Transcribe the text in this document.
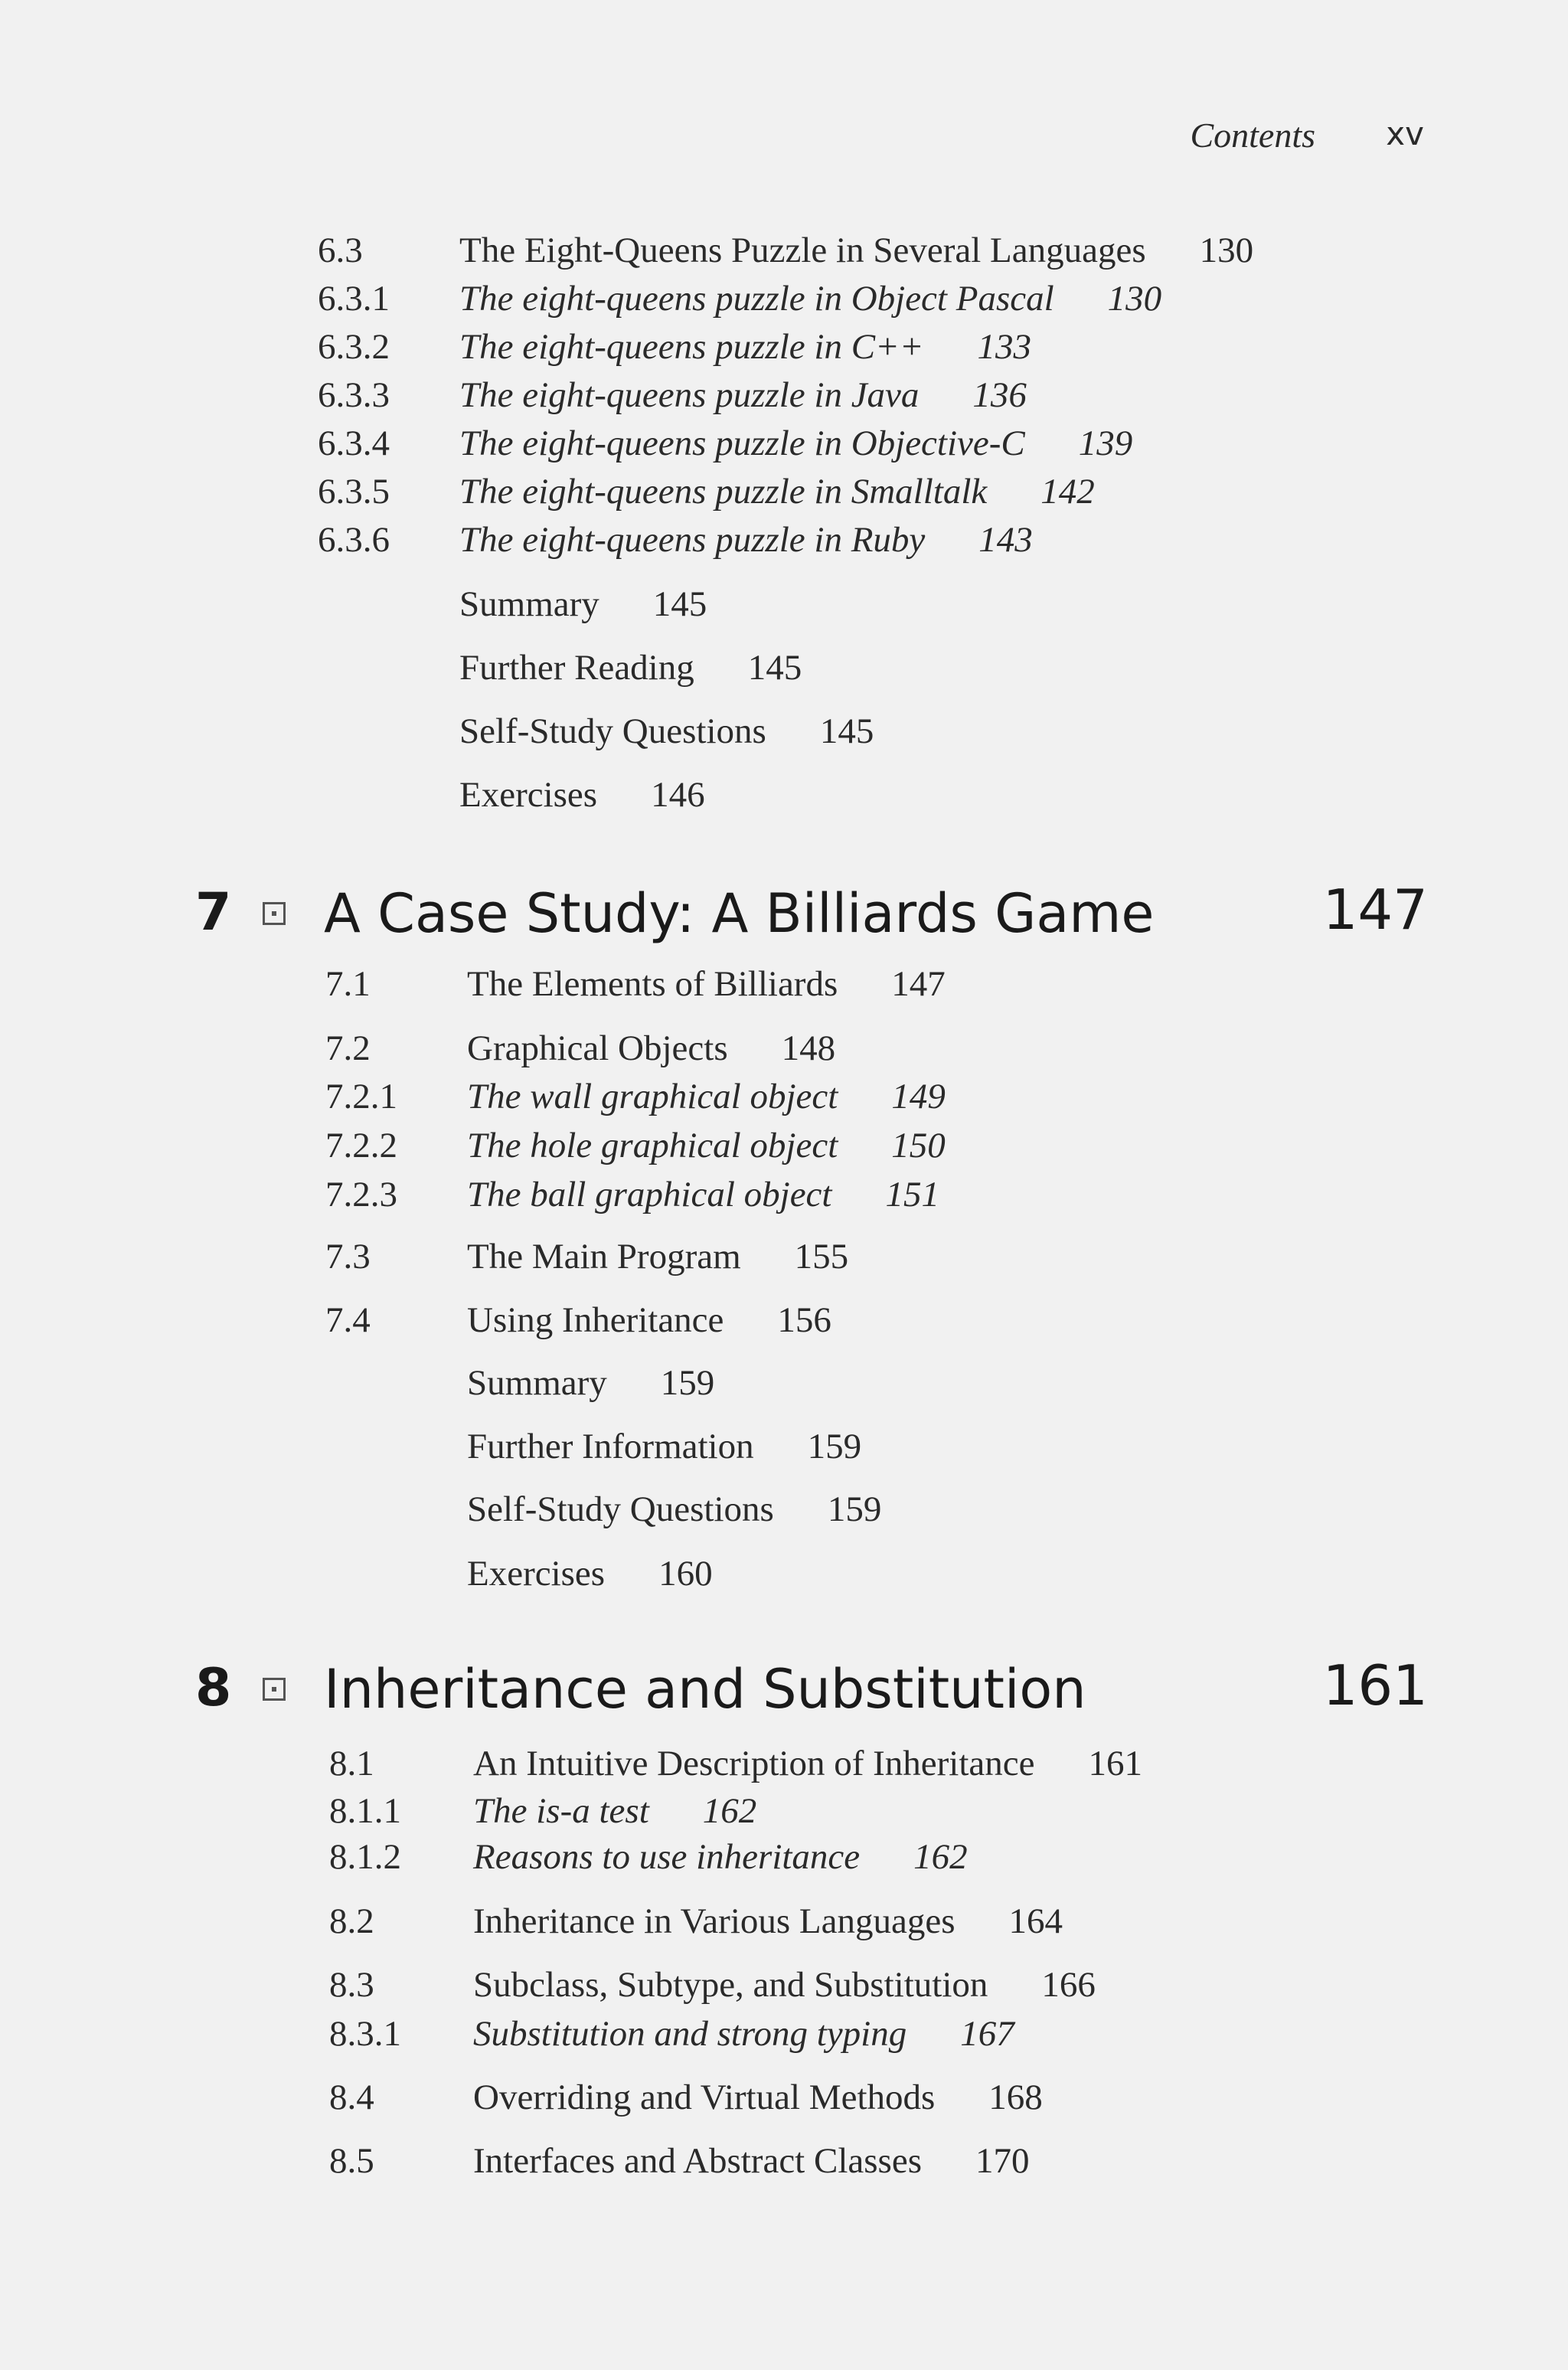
Contents xv
6.3	The Eight-Queens Puzzle in Several Languages 130
6.3.1 The eight-queens puzzle in Object Pascal 130
6.3.2 The eight-queens puzzle in C++ 133
6.3.3 The eight-queens puzzle in Java 136
6.3.4 The eight-queens puzzle in Objective-C 139
6.3.5 The eight-queens puzzle in Smalltalk 142
6.3.6 The eight-queens puzzle in Ruby 143
Summary 145
Further Reading 145
Self-Study Questions 145
Exercises 146
7 A Case Study: A Billiards Game	147
7.1	The Elements of Billiards 147
7.2	Graphical Objects 148
7.2.1 The wall graphical object 149
7.2.2 The hole graphical object 150
7.2.3 The ball graphical object 151
7.3	The Main Program 155
7.4	Using Inheritance 156
Summary 159
Further Information 159
Self-Study Questions 159
Exercises 160
8 Inheritance and Substitution	161
8.1	An Intuitive Description of Inheritance 161
8.1.1 The is-a test 162
8.1.2 Reasons to use inheritance 162
8.2	Inheritance in Various Languages 164
8.3	Subclass, Subtype, and Substitution 166
8.3.1 Substitution and strong typing 167
8.4	Overriding and Virtual Methods 168
8.5	Interfaces and Abstract Classes 170
